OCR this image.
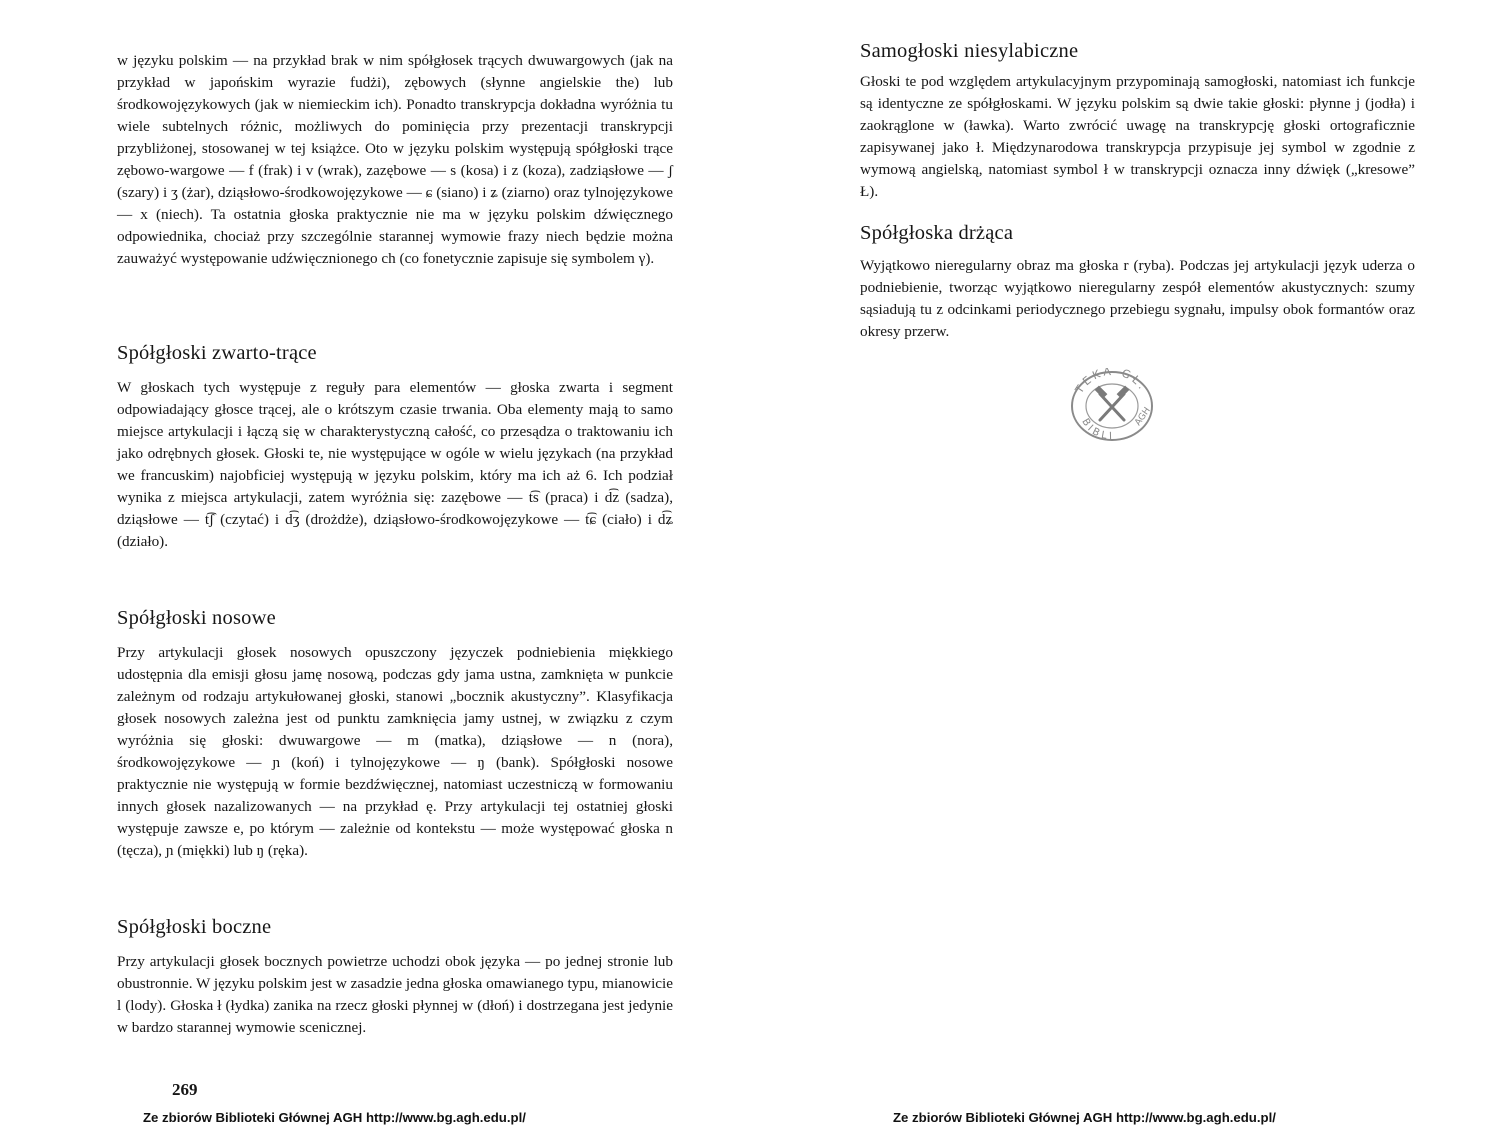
w języku polskim — na przykład brak w nim spółgłosek trących dwuwargowych (jak na przykład w japońskim wyrazie fudżi), zębowych (słynne angielskie the) lub środkowojęzykowych (jak w niemieckim ich). Ponadto transkrypcja dokładna wyróżnia tu wiele subtelnych różnic, możliwych do pominięcia przy prezentacji transkrypcji przybliżonej, stosowanej w tej książce. Oto w języku polskim występują spółgłoski trące zębowo-wargowe — f (frak) i v (wrak), zazębowe — s (kosa) i z (koza), zadziąsłowe — ʃ (szary) i ʒ (żar), dziąsłowo-środkowojęzykowe — ɕ (siano) i ʑ (ziarno) oraz tylnojęzykowe — x (niech). Ta ostatnia głoska praktycznie nie ma w języku polskim dźwięcznego odpowiednika, chociaż przy szczególnie starannej wymowie frazy niech będzie można zauważyć występowanie udźwięcznionego ch (co fonetycznie zapisuje się symbolem γ).

Spółgłoski zwarto-trące

W głoskach tych występuje z reguły para elementów — głoska zwarta i segment odpowiadający głosce trącej, ale o krótszym czasie trwania. Oba elementy mają to samo miejsce artykulacji i łączą się w charakterystyczną całość, co przesądza o traktowaniu ich jako odrębnych głosek. Głoski te, nie występujące w ogóle w wielu językach (na przykład we francuskim) najobficiej występują w języku polskim, który ma ich aż 6. Ich podział wynika z miejsca artykulacji, zatem wyróżnia się: zazębowe — t͡s (praca) i d͡z (sadza), dziąsłowe — t͡ʃ (czytać) i d͡ʒ (drożdże), dziąsłowo-środkowojęzykowe — t͡ɕ (ciało) i d͡ʑ (działo).

Spółgłoski nosowe

Przy artykulacji głosek nosowych opuszczony języczek podniebienia miękkiego udostępnia dla emisji głosu jamę nosową, podczas gdy jama ustna, zamknięta w punkcie zależnym od rodzaju artykułowanej głoski, stanowi „bocznik akustyczny”. Klasyfikacja głosek nosowych zależna jest od punktu zamknięcia jamy ustnej, w związku z czym wyróżnia się głoski: dwuwargowe — m (matka), dziąsłowe — n (nora), środkowojęzykowe — ɲ (koń) i tylnojęzykowe — ŋ (bank). Spółgłoski nosowe praktycznie nie występują w formie bezdźwięcznej, natomiast uczestniczą w formowaniu innych głosek nazalizowanych — na przykład ę. Przy artykulacji tej ostatniej głoski występuje zawsze e, po którym — zależnie od kontekstu — może występować głoska n (tęcza), ɲ (miękki) lub ŋ (ręka).

Spółgłoski boczne

Przy artykulacji głosek bocznych powietrze uchodzi obok języka — po jednej stronie lub obustronnie. W języku polskim jest w zasadzie jedna głoska omawianego typu, mianowicie l (lody). Głoska ł (łydka) zanika na rzecz głoski płynnej w (dłoń) i dostrzegana jest jedynie w bardzo starannej wymowie scenicznej.

269
Ze zbiorów Biblioteki Głównej AGH http://www.bg.agh.edu.pl/
Samogłoski niesylabiczne

Głoski te pod względem artykulacyjnym przypominają samogłoski, natomiast ich funkcje są identyczne ze spółgłoskami. W języku polskim są dwie takie głoski: płynne j (jodła) i zaokrąglone w (ławka). Warto zwrócić uwagę na transkrypcję głoski ortograficznie zapisywanej jako ł. Międzynarodowa transkrypcja przypisuje jej symbol w zgodnie z wymową angielską, natomiast symbol ł w transkrypcji oznacza inny dźwięk („kresowe” Ł).

Spółgłoska drżąca

Wyjątkowo nieregularny obraz ma głoska r (ryba). Podczas jej artykulacji język uderza o podniebienie, tworząc wyjątkowo nieregularny zespół elementów akustycznych: szumy sąsiadują tu z odcinkami periodycznego przebiegu sygnału, impulsy obok formantów oraz okresy przerw.

TEKA GŁ.
BIBLI
AGH
Ze zbiorów Biblioteki Głównej AGH http://www.bg.agh.edu.pl/
